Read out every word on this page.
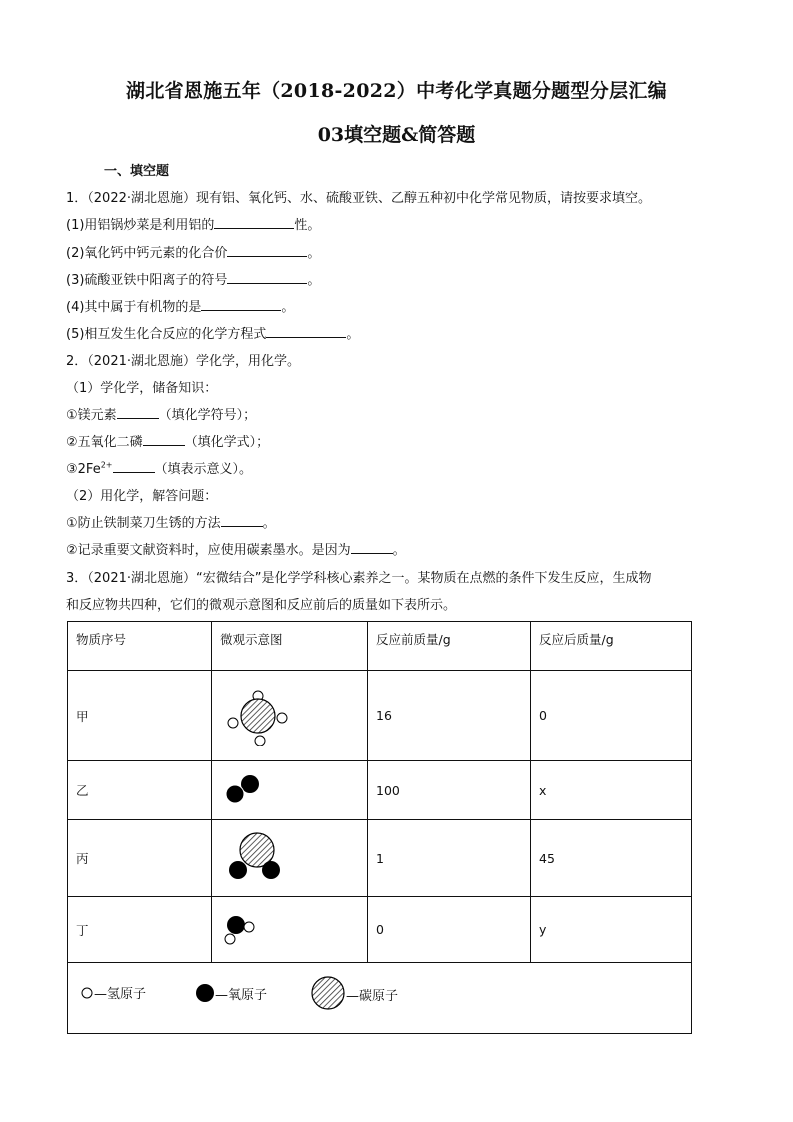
湖北省恩施五年（2018-2022）中考化学真题分题型分层汇编
03填空题&简答题
一、填空题
1．（2022·湖北恩施）现有铝、氧化钙、水、硫酸亚铁、乙醇五种初中化学常见物质，请按要求填空。
(1)用铝锅炒菜是利用铝的	性。
(2)氧化钙中钙元素的化合价	。
(3)硫酸亚铁中阳离子的符号	。
(4)其中属于有机物的是	。
(5)相互发生化合反应的化学方程式	。
2．（2021·湖北恩施）学化学，用化学。
（1）学化学，储备知识：
①镁元素	（填化学符号）；
②五氧化二磷	（填化学式）；
$③2Fe^{2+}$	（填表示意义）。
（2）用化学，解答问题：
①防止铁制菜刀生锈的方法	。
②记录重要文献资料时，应使用碳素墨水。是因为	。
3．（2021·湖北恩施）“宏微结合”是化学学科核心素养之一。某物质在点燃的条件下发生反应，生成物
和反应物共四种，它们的微观示意图和反应前后的质量如下表所示。
物质序号	微观示意图	反应前质量/g	反应后质量/g
甲		16	0
乙		100	x
丙		1	45
丁		0	y

—氢原子 —氧原子 —碳原子			
